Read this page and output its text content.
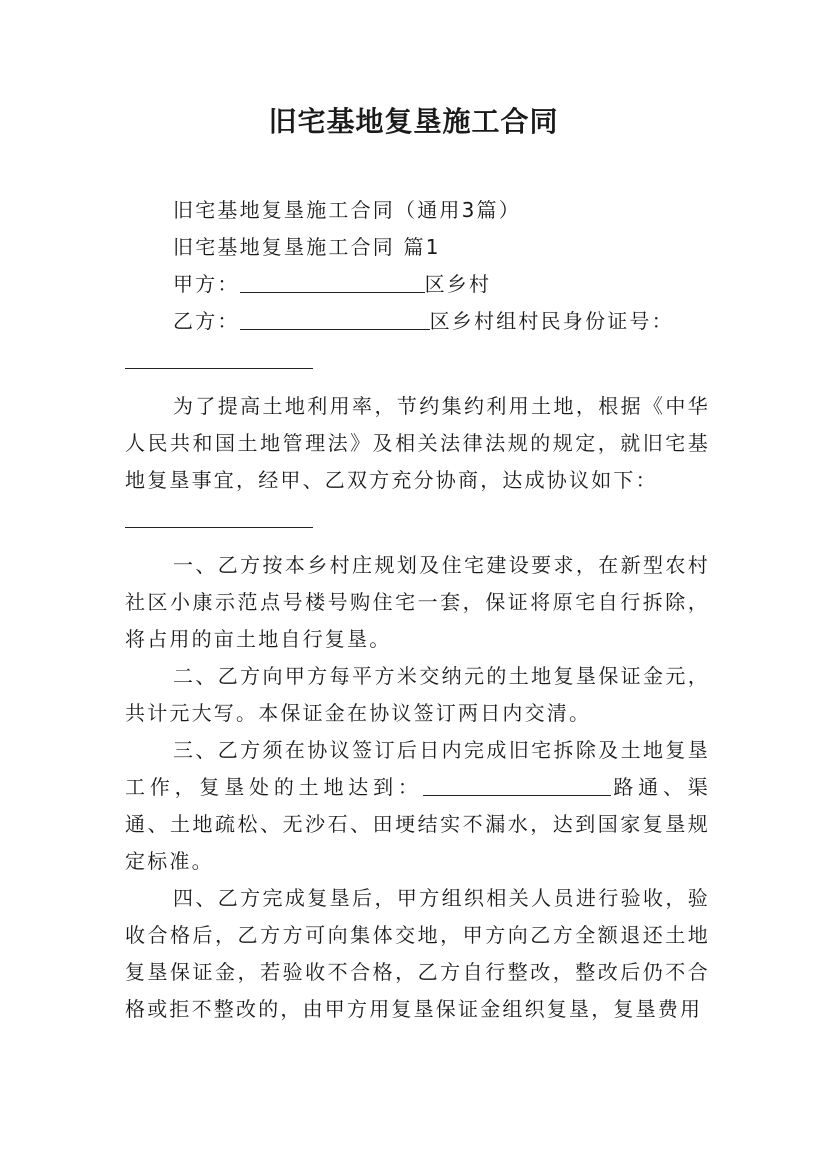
旧宅基地复垦施工合同

旧宅基地复垦施工合同（通用3篇）

旧宅基地复垦施工合同 篇1

甲方：	区乡村

乙方：	区乡村组村民身份证号：

为了提高土地利用率，节约集约利用土地，根据《中华人民共和国土地管理法》及相关法律法规的规定，就旧宅基地复垦事宜，经甲、乙双方充分协商，达成协议如下：

一、乙方按本乡村庄规划及住宅建设要求，在新型农村社区小康示范点号楼号购住宅一套，保证将原宅自行拆除，将占用的亩土地自行复垦。

二、乙方向甲方每平方米交纳元的土地复垦保证金元，共计元大写。本保证金在协议签订两日内交清。

三、乙方须在协议签订后日内完成旧宅拆除及土地复垦工作，复垦处的土地达到：	路通、渠通、土地疏松、无沙石、田埂结实不漏水，达到国家复垦规定标准。

四、乙方完成复垦后，甲方组织相关人员进行验收，验收合格后，乙方方可向集体交地，甲方向乙方全额退还土地复垦保证金，若验收不合格，乙方自行整改，整改后仍不合格或拒不整改的，由甲方用复垦保证金组织复垦，复垦费用
